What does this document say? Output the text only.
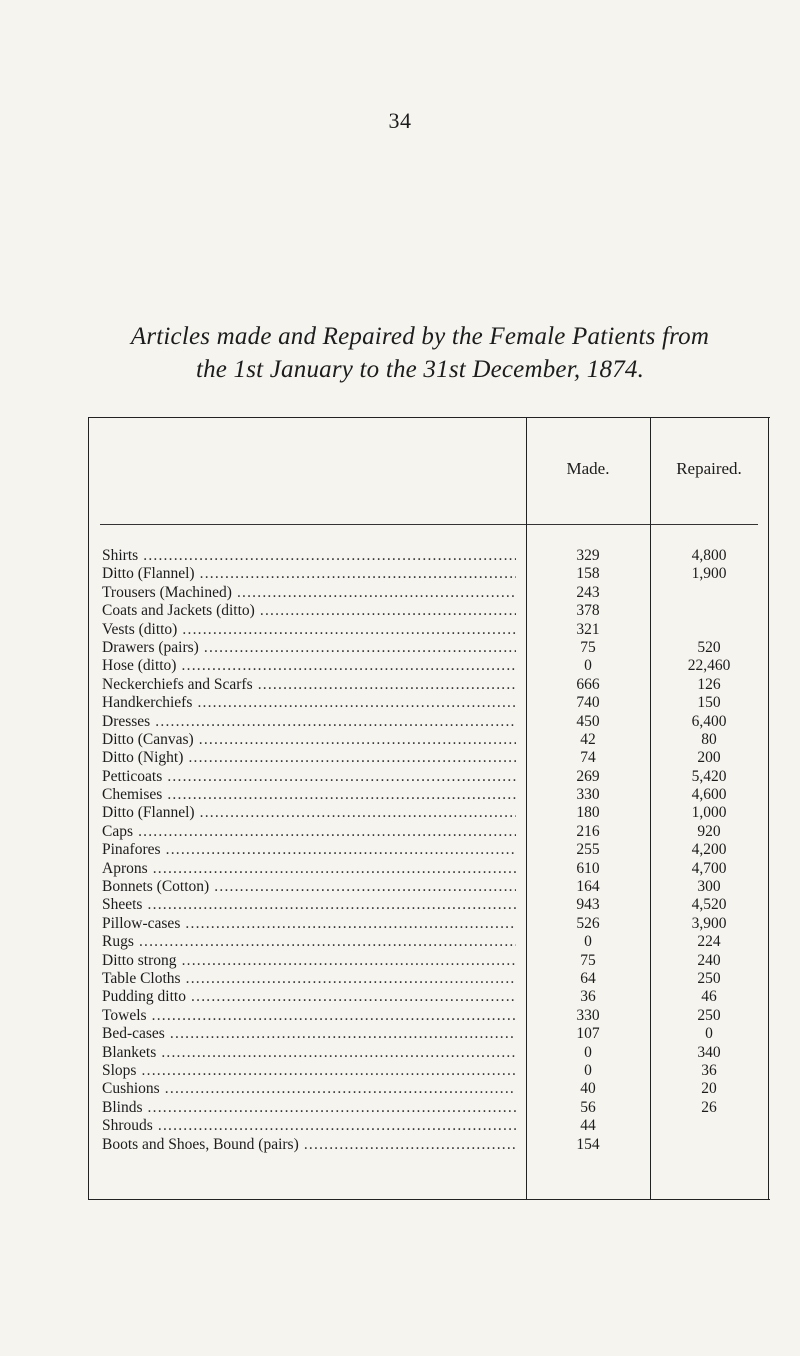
34
Articles made and Repaired by the Female Patients from
the 1st January to the 31st December, 1874.
Made.	Repaired.
Shirts .....	329	4,800
Ditto (Flannel) .....	158	1,900
Trousers (Machined) .....	243
Coats and Jackets (ditto) .....	378
Vests (ditto) .....	321
Drawers (pairs) .....	75	520
Hose (ditto) .....	0	22,460
Neckerchiefs and Scarfs .....	666	126
Handkerchiefs .....	740	150
Dresses .....	450	6,400
Ditto (Canvas) .....	42	80
Ditto (Night) .....	74	200
Petticoats .....	269	5,420
Chemises .....	330	4,600
Ditto (Flannel) .....	180	1,000
Caps .....	216	920
Pinafores .....	255	4,200
Aprons .....	610	4,700
Bonnets (Cotton) .....	164	300
Sheets .....	943	4,520
Pillow-cases .....	526	3,900
Rugs .....	0	224
Ditto strong .....	75	240
Table Cloths .....	64	250
Pudding ditto .....	36	46
Towels .....	330	250
Bed-cases .....	107	0
Blankets .....	0	340
Slops .....	0	36
Cushions .....	40	20
Blinds .....	56	26
Shrouds .....	44
Boots and Shoes, Bound (pairs) .....	154
